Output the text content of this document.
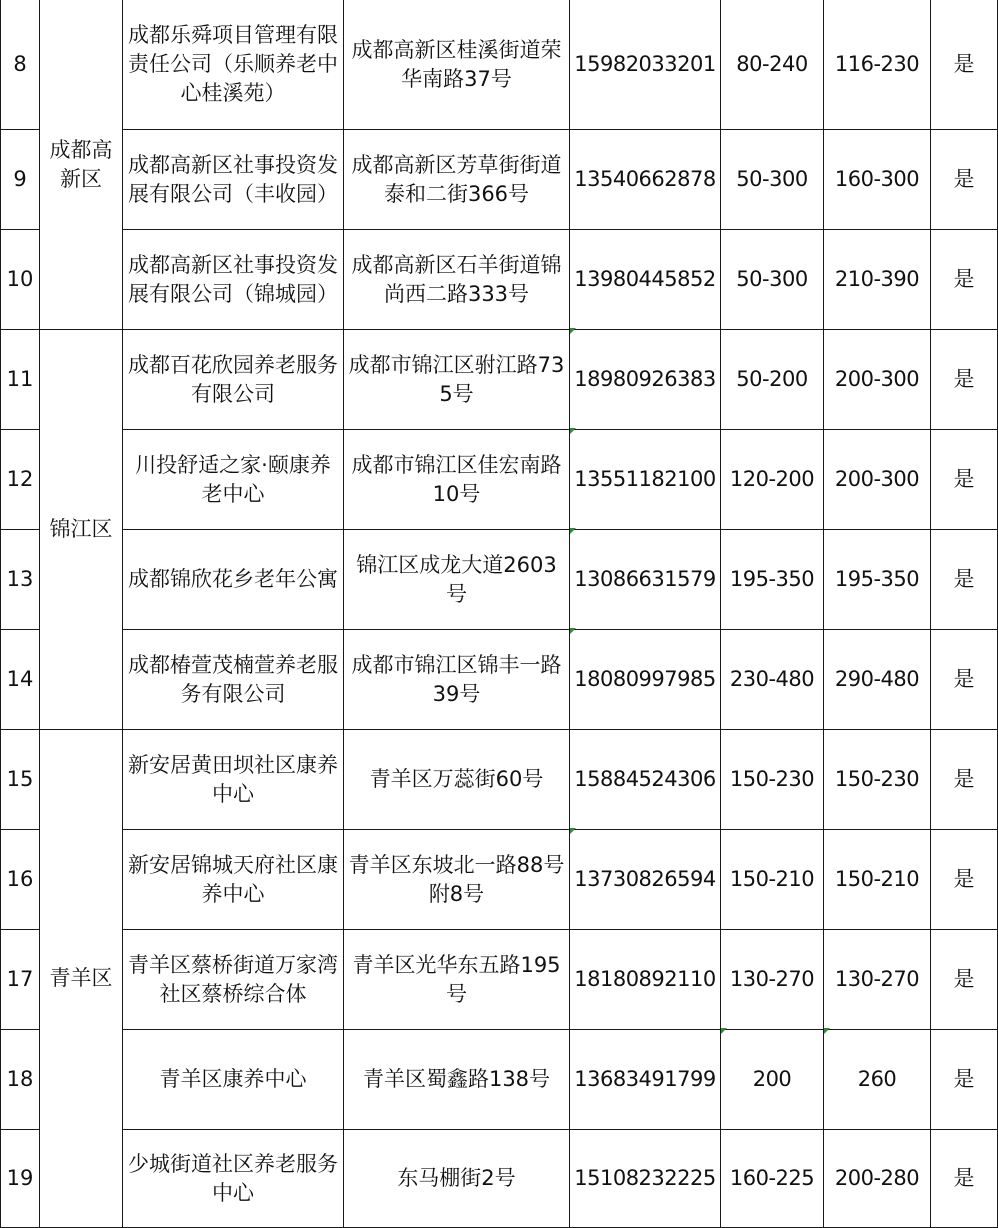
8	成都高新区	成都乐舜项目管理有限责任公司（乐顺养老中心桂溪苑）	成都高新区桂溪街道荣华南路37号	15982033201	80-240	116-230	是
9		成都高新区社事投资发展有限公司（丰收园）	成都高新区芳草街街道泰和二街366号	13540662878	50-300	160-300	是
10		成都高新区社事投资发展有限公司（锦城园）	成都高新区石羊街道锦尚西二路333号	13980445852	50-300	210-390	是
11	锦江区	成都百花欣园养老服务有限公司	成都市锦江区驸江路735号	18980926383	50-200	200-300	是
12		川投舒适之家·颐康养老中心	成都市锦江区佳宏南路10号	13551182100	120-200	200-300	是
13		成都锦欣花乡老年公寓	锦江区成龙大道2603号	13086631579	195-350	195-350	是
14		成都椿萱茂楠萱养老服务有限公司	成都市锦江区锦丰一路39号	18080997985	230-480	290-480	是
15	青羊区	新安居黄田坝社区康养中心	青羊区万蕊街60号	15884524306	150-230	150-230	是
16		新安居锦城天府社区康养中心	青羊区东坡北一路88号附8号	13730826594	150-210	150-210	是
17		青羊区蔡桥街道万家湾社区蔡桥综合体	青羊区光华东五路195号	18180892110	130-270	130-270	是
18		青羊区康养中心	青羊区蜀鑫路138号	13683491799	200	260	是
19		少城街道社区养老服务中心	东马棚街2号	15108232225	160-225	200-280	是
